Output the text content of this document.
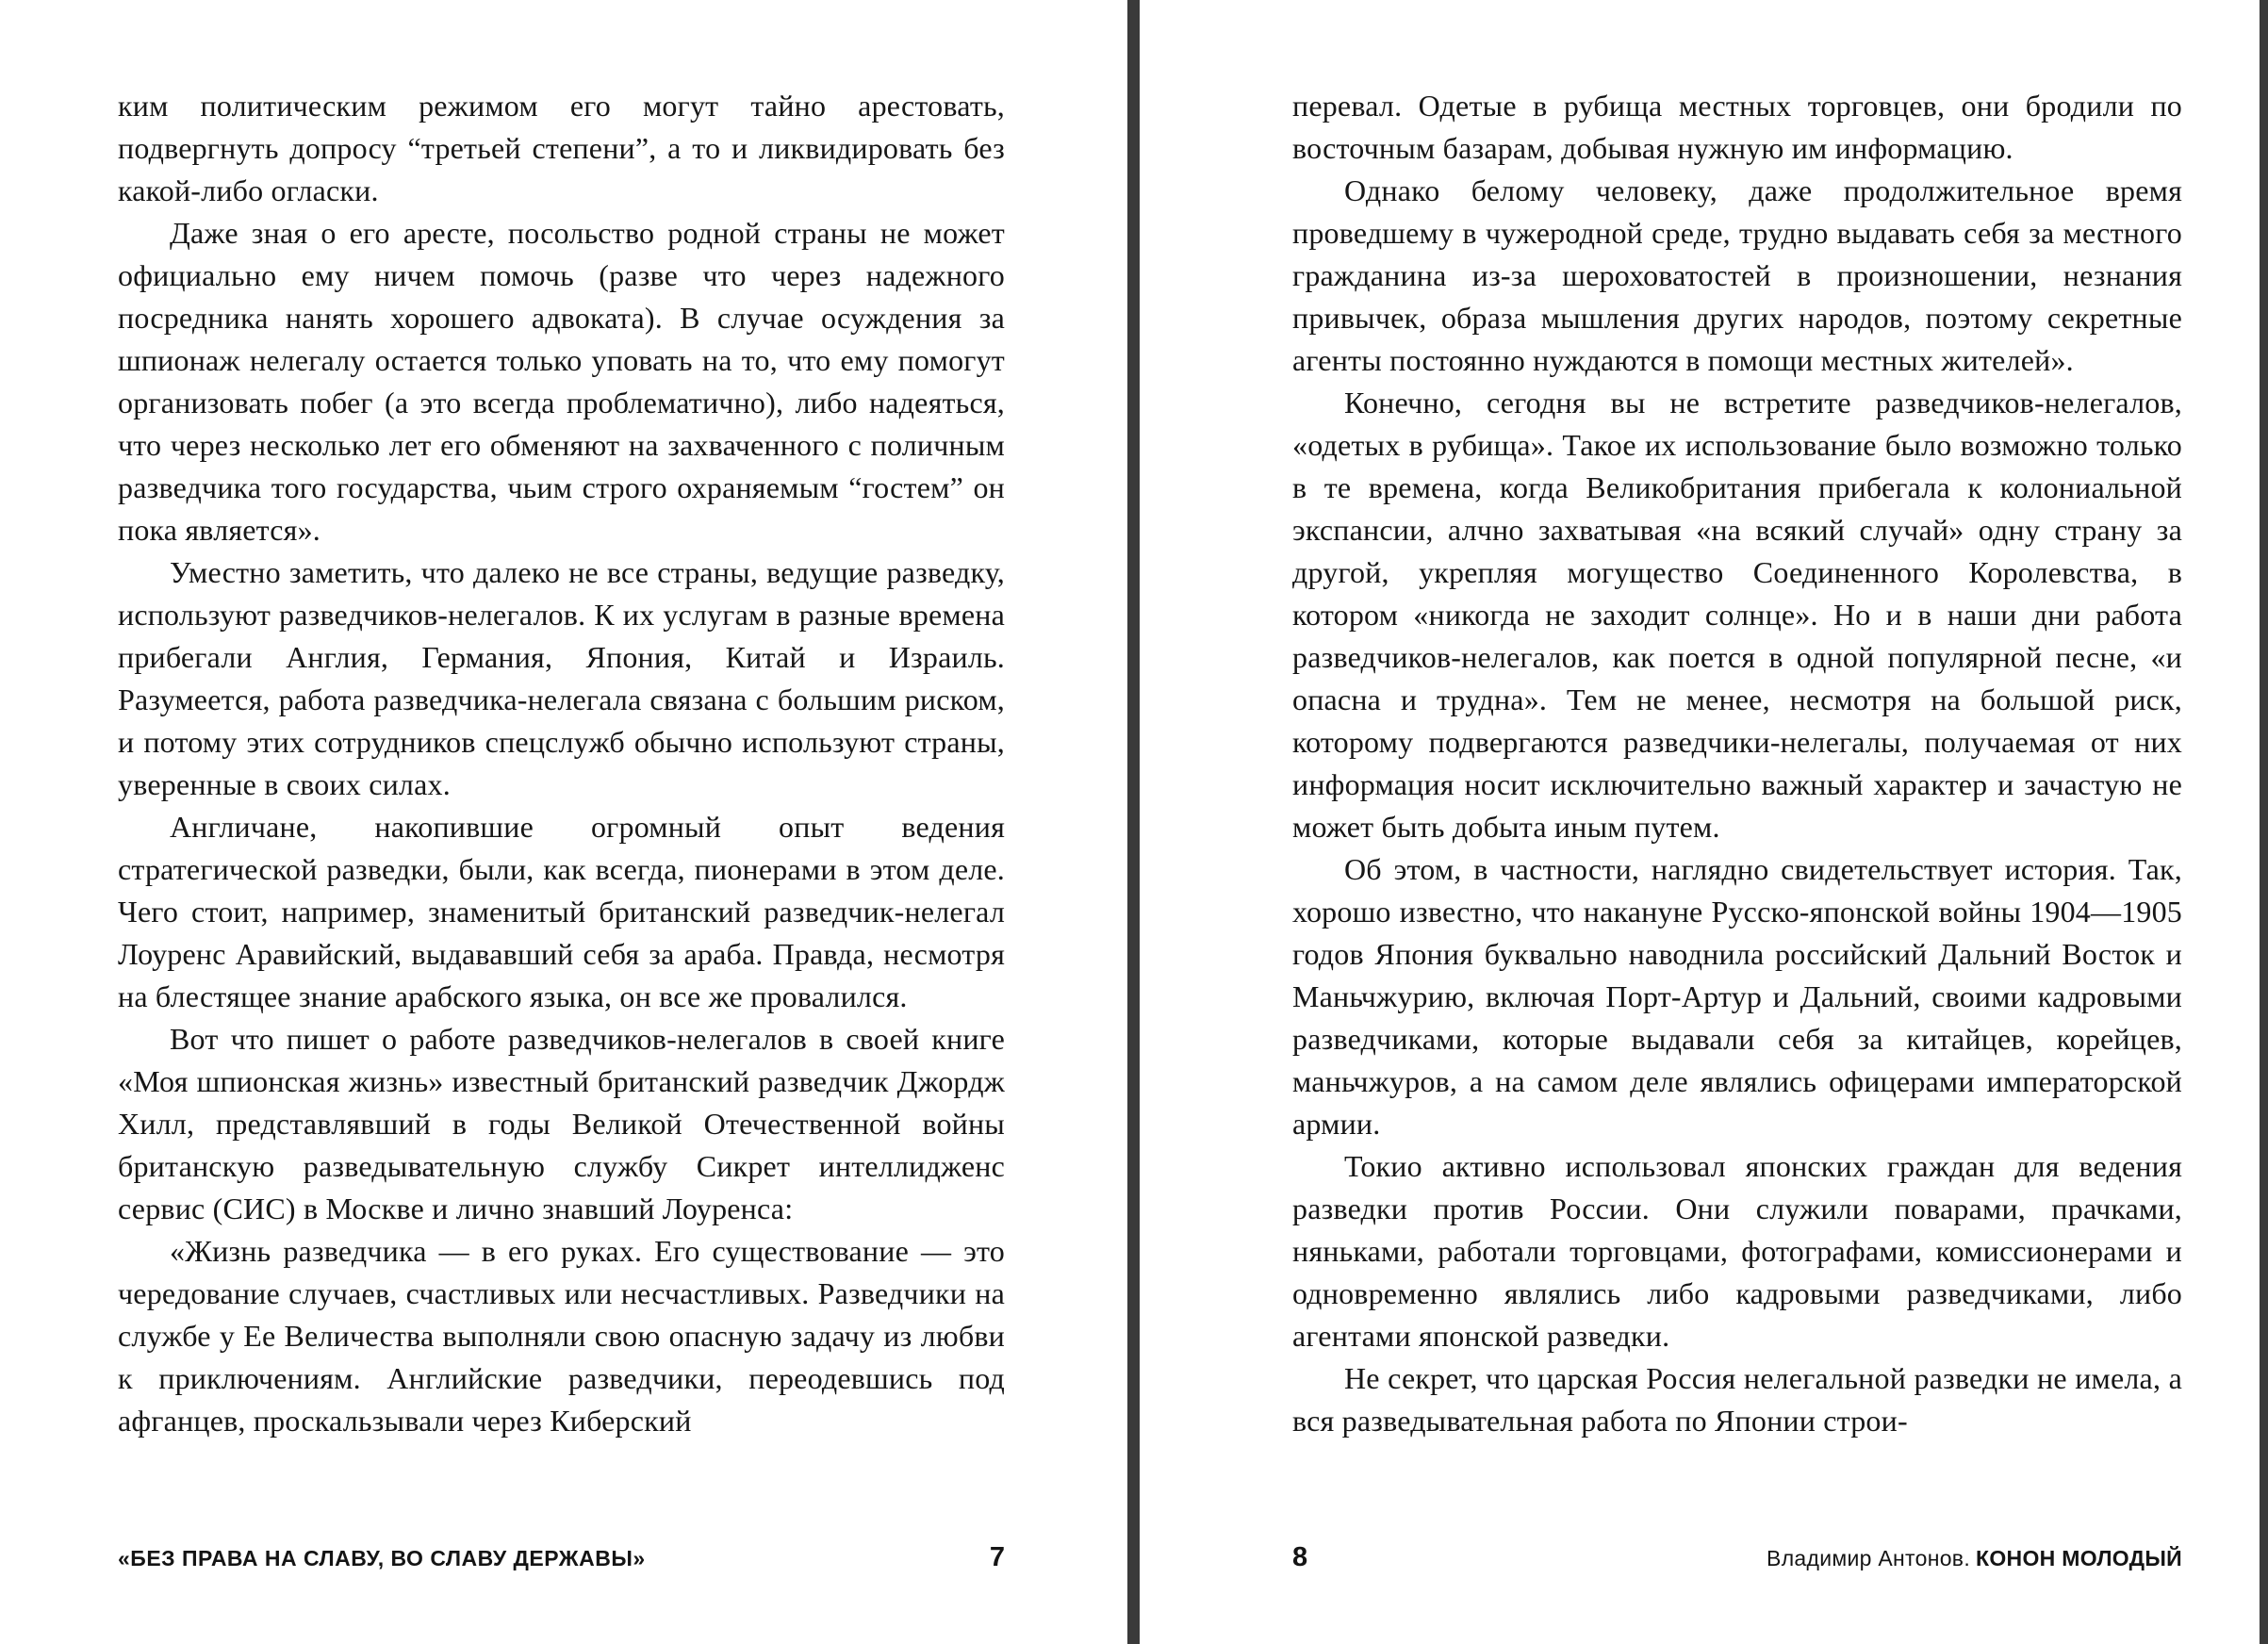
ким политическим режимом его могут тайно арестовать, подвергнуть допросу “третьей степени”, а то и ликвидировать без какой-либо огласки.

Даже зная о его аресте, посольство родной страны не может официально ему ничем помочь (разве что через надежного посредника нанять хорошего адвоката). В случае осуждения за шпионаж нелегалу остается только уповать на то, что ему помогут организовать побег (а это всегда проблематично), либо надеяться, что через несколько лет его обменяют на захваченного с поличным разведчика того государства, чьим строго охраняемым “гостем” он пока является».

Уместно заметить, что далеко не все страны, ведущие разведку, используют разведчиков-нелегалов. К их услугам в разные времена прибегали Англия, Германия, Япония, Китай и Израиль. Разумеется, работа разведчика-нелегала связана с большим риском, и потому этих сотрудников спецслужб обычно используют страны, уверенные в своих силах.

Англичане, накопившие огромный опыт ведения стратегической разведки, были, как всегда, пионерами в этом деле. Чего стоит, например, знаменитый британский разведчик-нелегал Лоуренс Аравийский, выдававший себя за араба. Правда, несмотря на блестящее знание арабского языка, он все же провалился.

Вот что пишет о работе разведчиков-нелегалов в своей книге «Моя шпионская жизнь» известный британский разведчик Джордж Хилл, представлявший в годы Великой Отечественной войны британскую разведывательную службу Сикрет интеллидженс сервис (СИС) в Москве и лично знавший Лоуренса:

«Жизнь разведчика — в его руках. Его существование — это чередование случаев, счастливых или несчастливых. Разведчики на службе у Ее Величества выполняли свою опасную задачу из любви к приключениям. Английские разведчики, переодевшись под афганцев, проскальзывали через Киберский

«БЕЗ ПРАВА НА СЛАВУ, ВО СЛАВУ ДЕРЖАВЫ»	7

перевал. Одетые в рубища местных торговцев, они бродили по восточным базарам, добывая нужную им информацию.

Однако белому человеку, даже продолжительное время проведшему в чужеродной среде, трудно выдавать себя за местного гражданина из-за шероховатостей в произношении, незнания привычек, образа мышления других народов, поэтому секретные агенты постоянно нуждаются в помощи местных жителей».

Конечно, сегодня вы не встретите разведчиков-нелегалов, «одетых в рубища». Такое их использование было возможно только в те времена, когда Великобритания прибегала к колониальной экспансии, алчно захватывая «на всякий случай» одну страну за другой, укрепляя могущество Соединенного Королевства, в котором «никогда не заходит солнце». Но и в наши дни работа разведчиков-нелегалов, как поется в одной популярной песне, «и опасна и трудна». Тем не менее, несмотря на большой риск, которому подвергаются разведчики-нелегалы, получаемая от них информация носит исключительно важный характер и зачастую не может быть добыта иным путем.

Об этом, в частности, наглядно свидетельствует история. Так, хорошо известно, что накануне Русско-японской войны 1904—1905 годов Япония буквально наводнила российский Дальний Восток и Маньчжурию, включая Порт-Артур и Дальний, своими кадровыми разведчиками, которые выдавали себя за китайцев, корейцев, маньчжуров, а на самом деле являлись офицерами императорской армии.

Токио активно использовал японских граждан для ведения разведки против России. Они служили поварами, прачками, няньками, работали торговцами, фотографами, комиссионерами и одновременно являлись либо кадровыми разведчиками, либо агентами японской разведки.

Не секрет, что царская Россия нелегальной разведки не имела, а вся разведывательная работа по Японии строи-

8	Владимир Антонов. КОНОН МОЛОДЫЙ
